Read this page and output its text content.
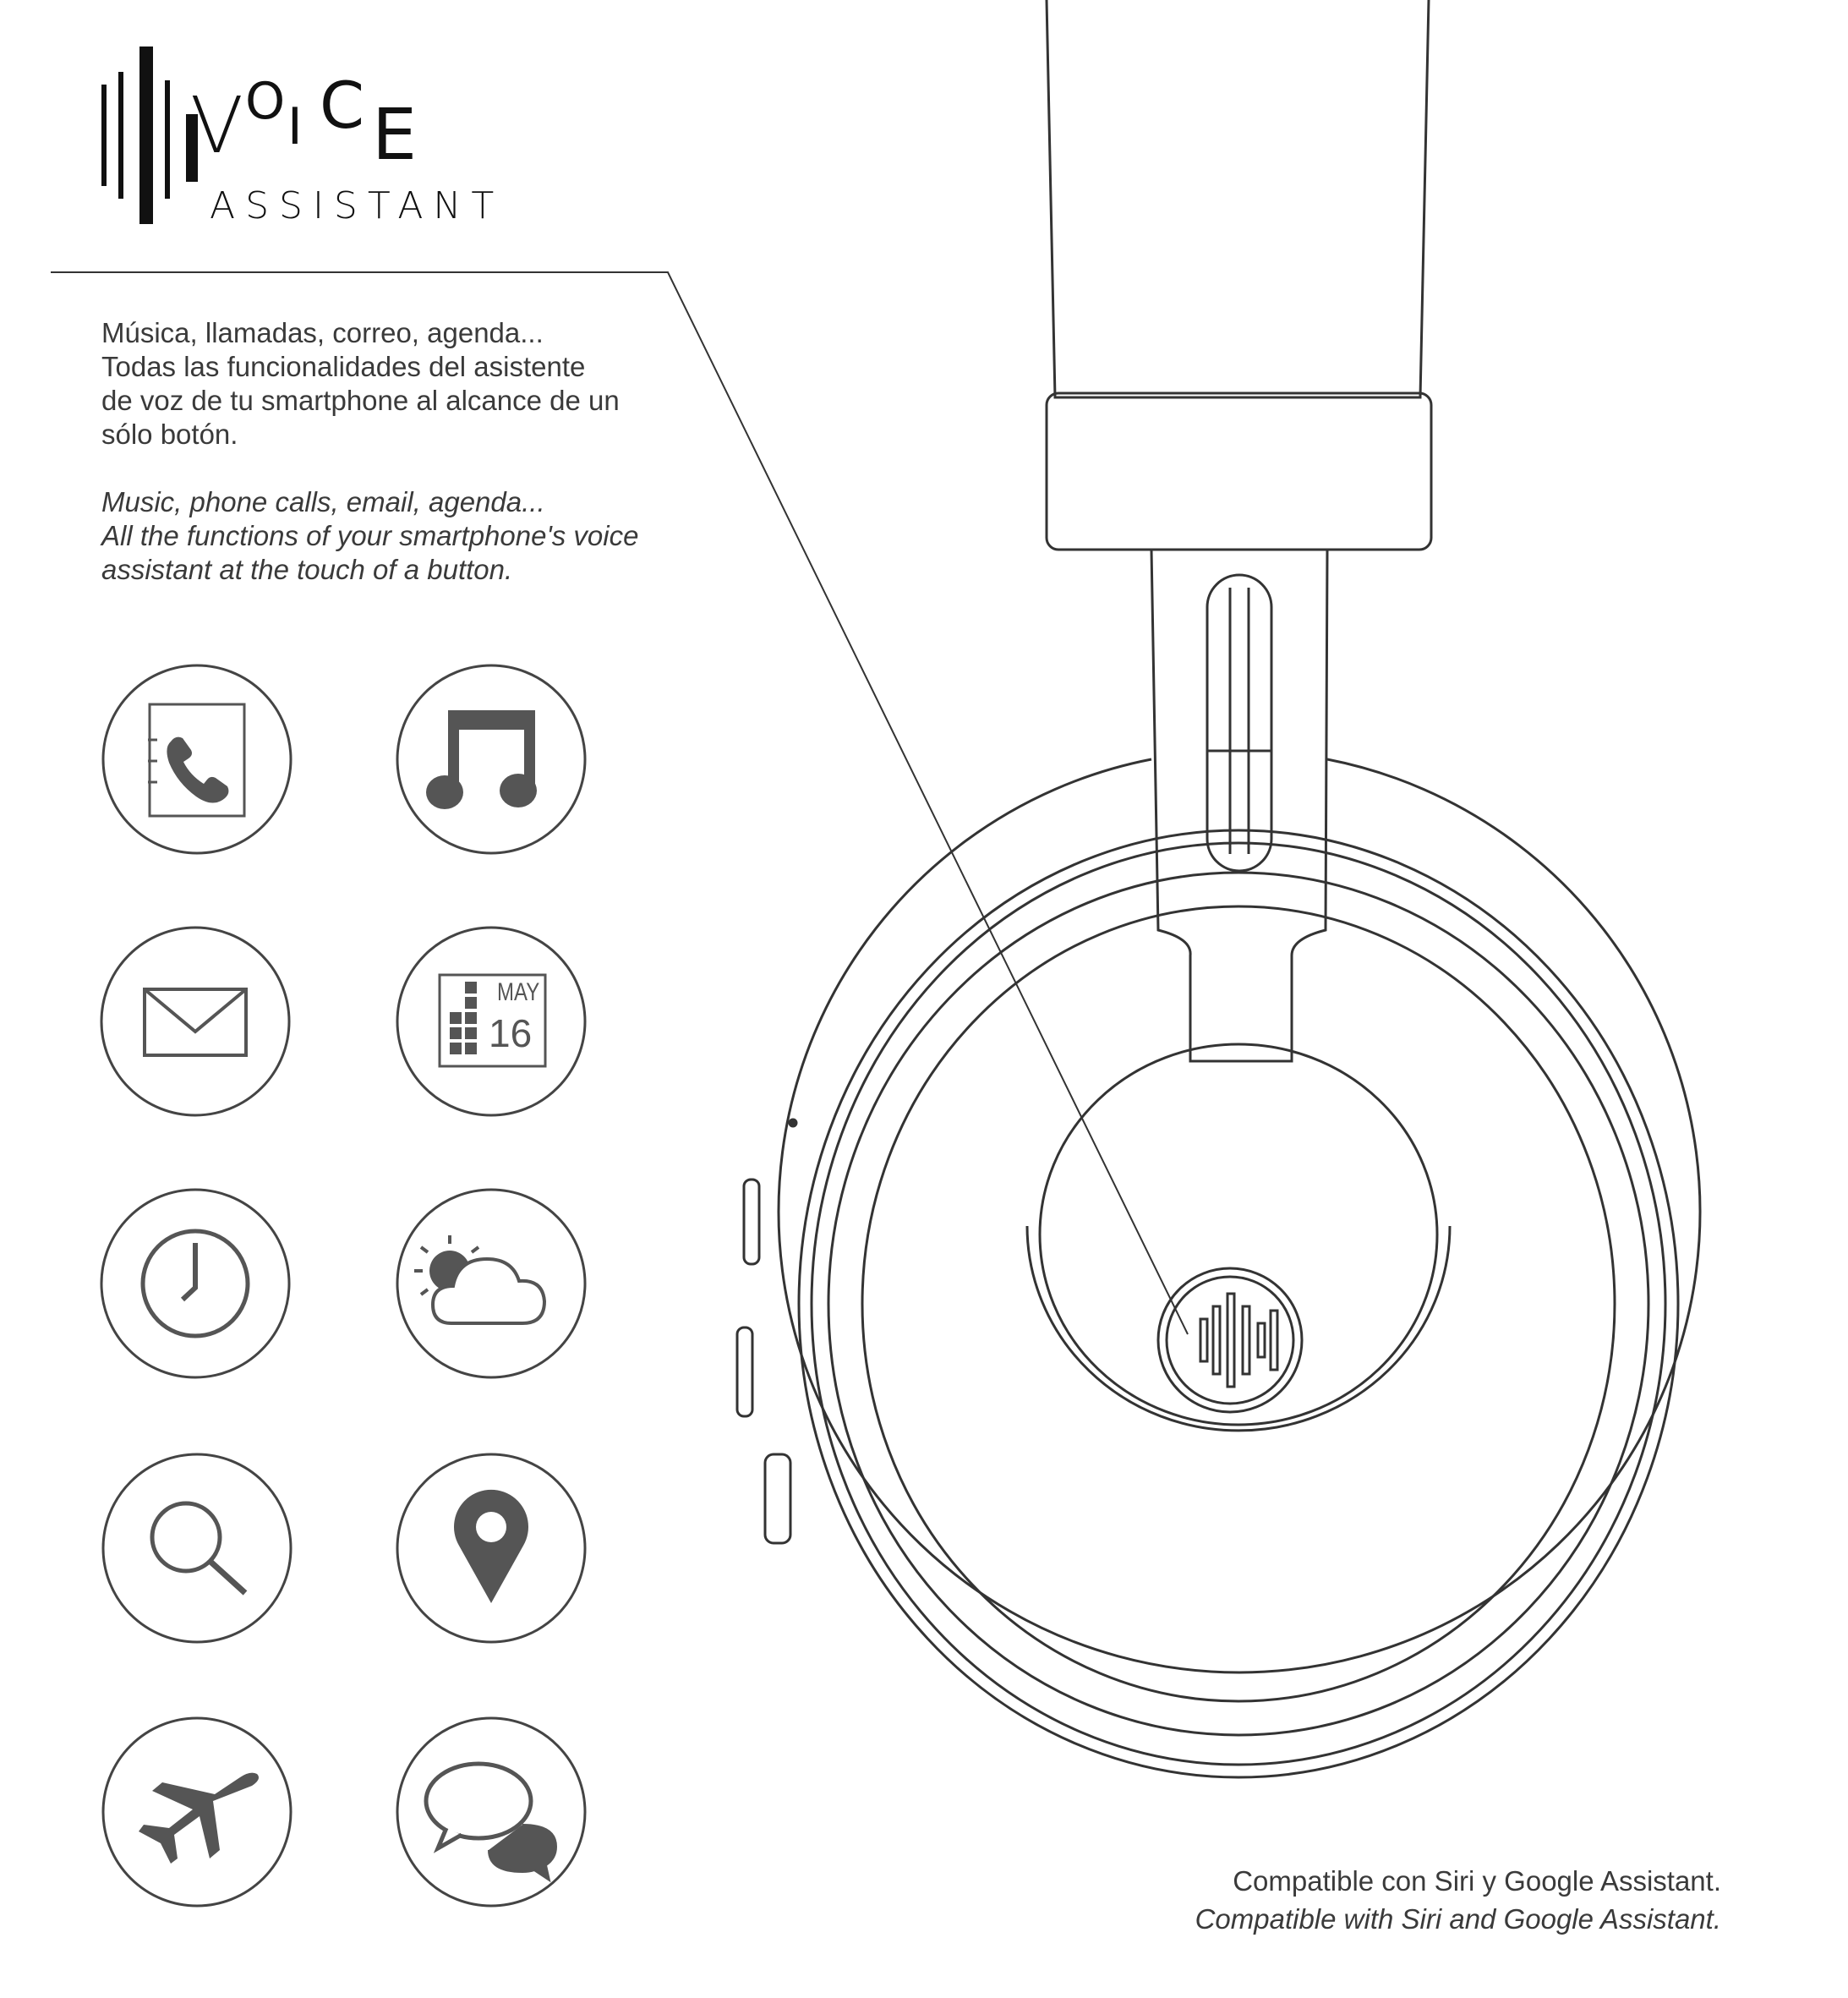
V O I C E
ASSISTANT

Música, llamadas, correo, agenda...

Todas las funcionalidades del asistente

de voz de tu smartphone al alcance de un

sólo botón.

Music, phone calls, email, agenda...

All the functions of your smartphone's voice

assistant at the touch of a button.

MAY
16
Compatible con Siri y Google Assistant.
Compatible with Siri and Google Assistant.
